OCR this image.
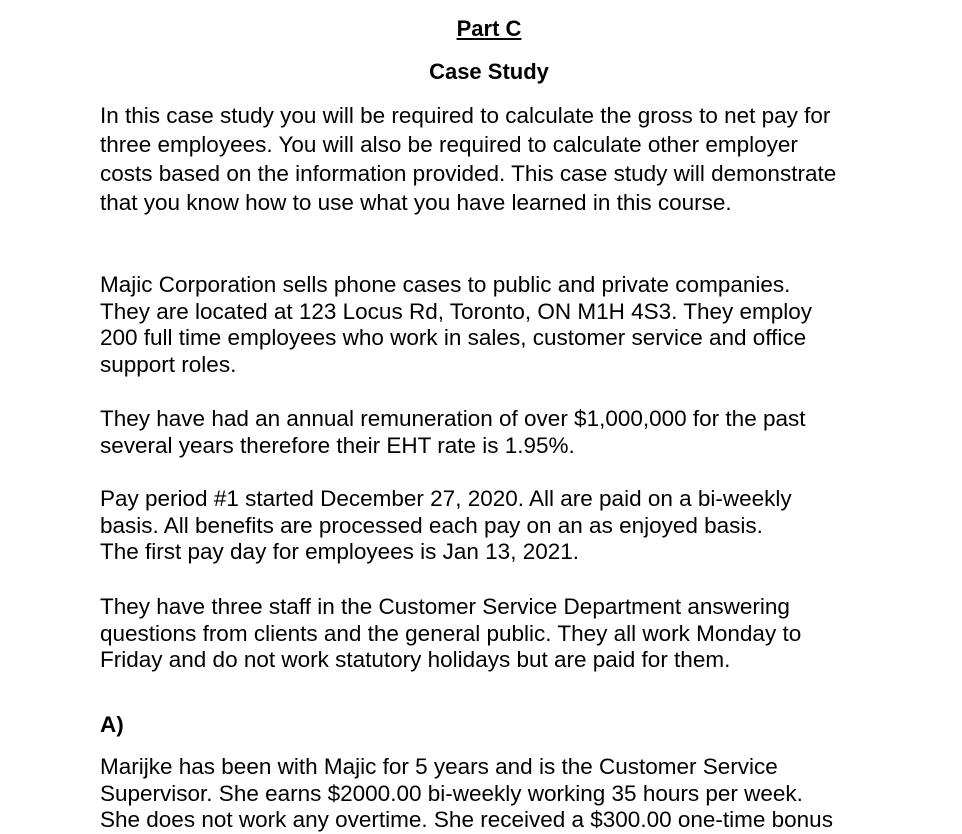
Part C
Case Study

In this case study you will be required to calculate the gross to net pay for
three employees. You will also be required to calculate other employer
costs based on the information provided. This case study will demonstrate
that you know how to use what you have learned in this course.

Majic Corporation sells phone cases to public and private companies.
They are located at 123 Locus Rd, Toronto, ON M1H 4S3. They employ
200 full time employees who work in sales, customer service and office
support roles.

They have had an annual remuneration of over $1,000,000 for the past
several years therefore their EHT rate is 1.95%.

Pay period #1 started December 27, 2020. All are paid on a bi-weekly
basis. All benefits are processed each pay on an as enjoyed basis.
The first pay day for employees is Jan 13, 2021.

They have three staff in the Customer Service Department answering
questions from clients and the general public. They all work Monday to
Friday and do not work statutory holidays but are paid for them.

A)

Marijke has been with Majic for 5 years and is the Customer Service
Supervisor. She earns $2000.00 bi-weekly working 35 hours per week.
She does not work any overtime. She received a $300.00 one-time bonus
